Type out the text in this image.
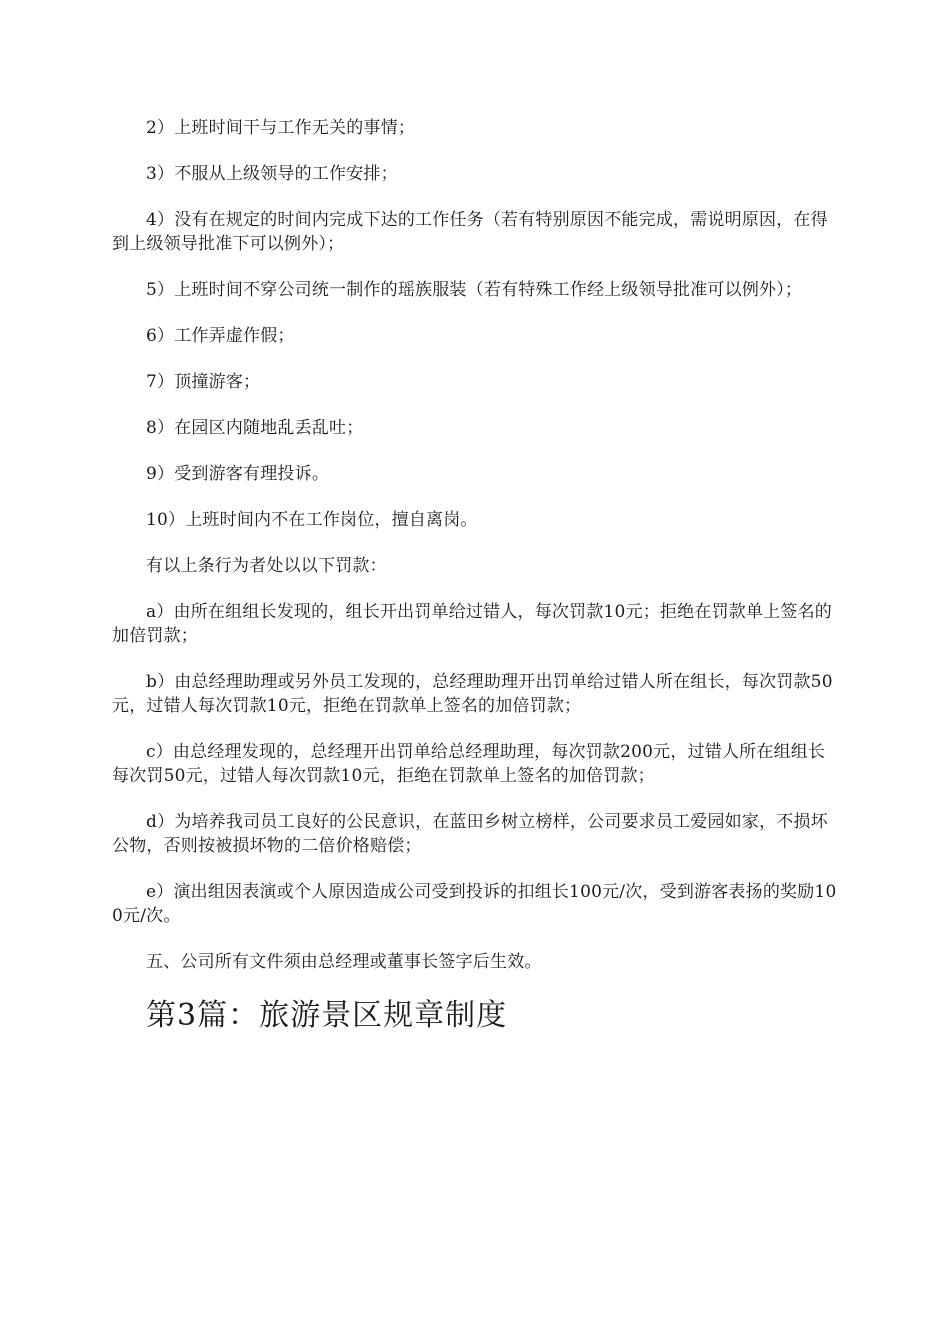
2）上班时间干与工作无关的事情；

3）不服从上级领导的工作安排；

4）没有在规定的时间内完成下达的工作任务（若有特别原因不能完成，需说明原因，在得到上级领导批准下可以例外）；

5）上班时间不穿公司统一制作的瑶族服装（若有特殊工作经上级领导批准可以例外）；

6）工作弄虚作假；

7）顶撞游客；

8）在园区内随地乱丢乱吐；

9）受到游客有理投诉。

10）上班时间内不在工作岗位，擅自离岗。

有以上条行为者处以以下罚款：

a）由所在组组长发现的，组长开出罚单给过错人，每次罚款10元；拒绝在罚款单上签名的加倍罚款；

b）由总经理助理或另外员工发现的，总经理助理开出罚单给过错人所在组长，每次罚款50元，过错人每次罚款10元，拒绝在罚款单上签名的加倍罚款；

c）由总经理发现的，总经理开出罚单给总经理助理，每次罚款200元，过错人所在组组长每次罚50元，过错人每次罚款10元，拒绝在罚款单上签名的加倍罚款；

d）为培养我司员工良好的公民意识，在蓝田乡树立榜样，公司要求员工爱园如家，不损坏公物，否则按被损坏物的二倍价格赔偿；

e）演出组因表演或个人原因造成公司受到投诉的扣组长100元/次，受到游客表扬的奖励100元/次。

五、公司所有文件须由总经理或董事长签字后生效。

第3篇：旅游景区规章制度
